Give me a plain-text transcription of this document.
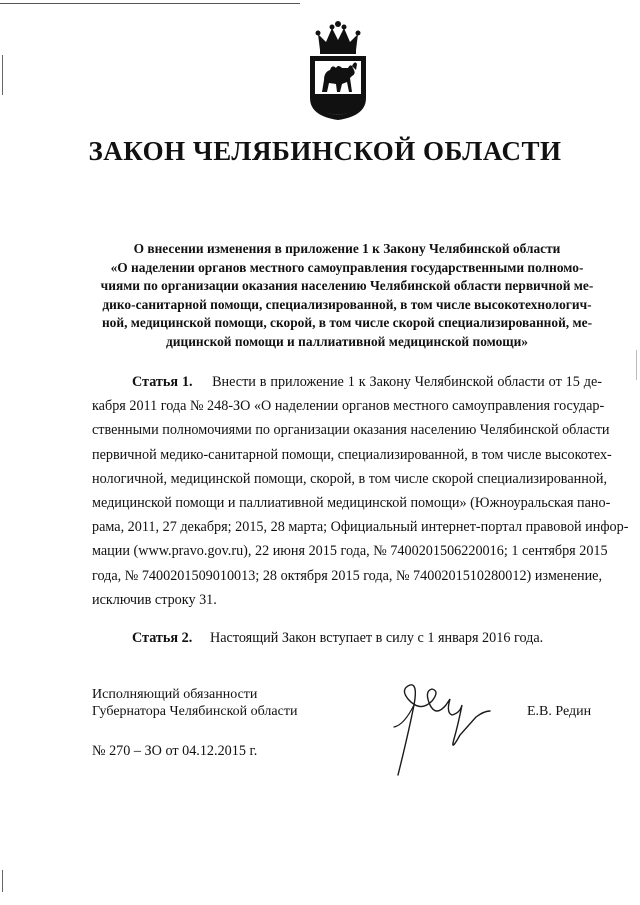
ЗАКОН ЧЕЛЯБИНСКОЙ ОБЛАСТИ
О внесении изменения в приложение 1 к Закону Челябинской области
«О наделении органов местного самоуправления государственными полномо-
чиями по организации оказания населению Челябинской области первичной ме-
дико-санитарной помощи, специализированной, в том числе высокотехнологич-
ной, медицинской помощи, скорой, в том числе скорой специализированной, ме-
дицинской помощи и паллиативной медицинской помощи»
Статья 1. Внести в приложение 1 к Закону Челябинской области от 15 де-
кабря 2011 года № 248-ЗО «О наделении органов местного самоуправления государ-
ственными полномочиями по организации оказания населению Челябинской области
первичной медико-санитарной помощи, специализированной, в том числе высокотех-
нологичной, медицинской помощи, скорой, в том числе скорой специализированной,
медицинской помощи и паллиативной медицинской помощи» (Южноуральская пано-
рама, 2011, 27 декабря; 2015, 28 марта; Официальный интернет-портал правовой инфор-
мации (www.pravo.gov.ru), 22 июня 2015 года, № 7400201506220016; 1 сентября 2015
года, № 7400201509010013; 28 октября 2015 года, № 7400201510280012) изменение,
исключив строку 31.
Статья 2. Настоящий Закон вступает в силу с 1 января 2016 года.
Исполняющий обязанности
Губернатора Челябинской области	Е.В. Редин
№ 270 – ЗО от 04.12.2015 г.
